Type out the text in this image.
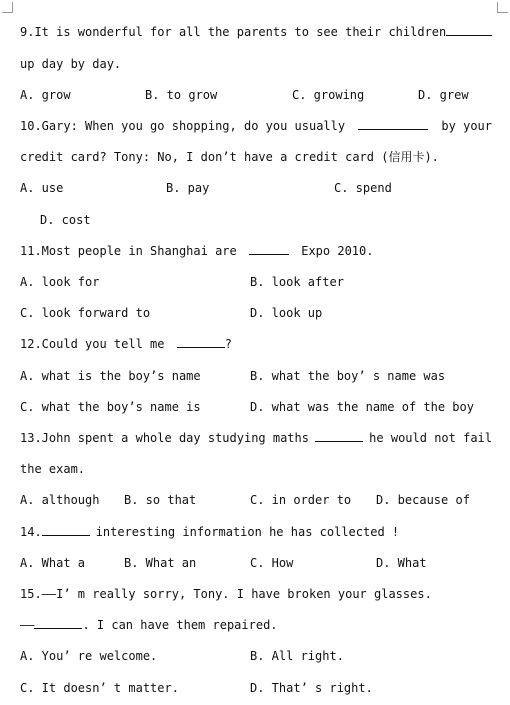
9.It is wonderful for all the parents to see their children
up day by day.
A. grow	B. to grow	C. growing	D. grew
10.Gary: When you go shopping, do you usually	by your
credit card? Tony: No, I don’t have a credit card (信用卡).
A. use	B. pay	C. spend
D. cost
11.Most people in Shanghai are	Expo 2010.
A. look for	B. look after
C. look forward to	D. look up
12.Could you tell me	?
A. what is the boy’s name	B. what the boy’ s name was
C. what the boy’s name is	D. what was the name of the boy
13.John spent a whole day studying maths	he would not fail
the exam.
A. although B. so that	C. in order to D. because of
14.	interesting information he has collected !
A. What a	B. What an	C. How	D. What
15.——I’ m really sorry, Tony. I have broken your glasses.
——	. I can have them repaired.
A. You’ re welcome.	B. All right.
C. It doesn’ t matter.	D. That’ s right.
